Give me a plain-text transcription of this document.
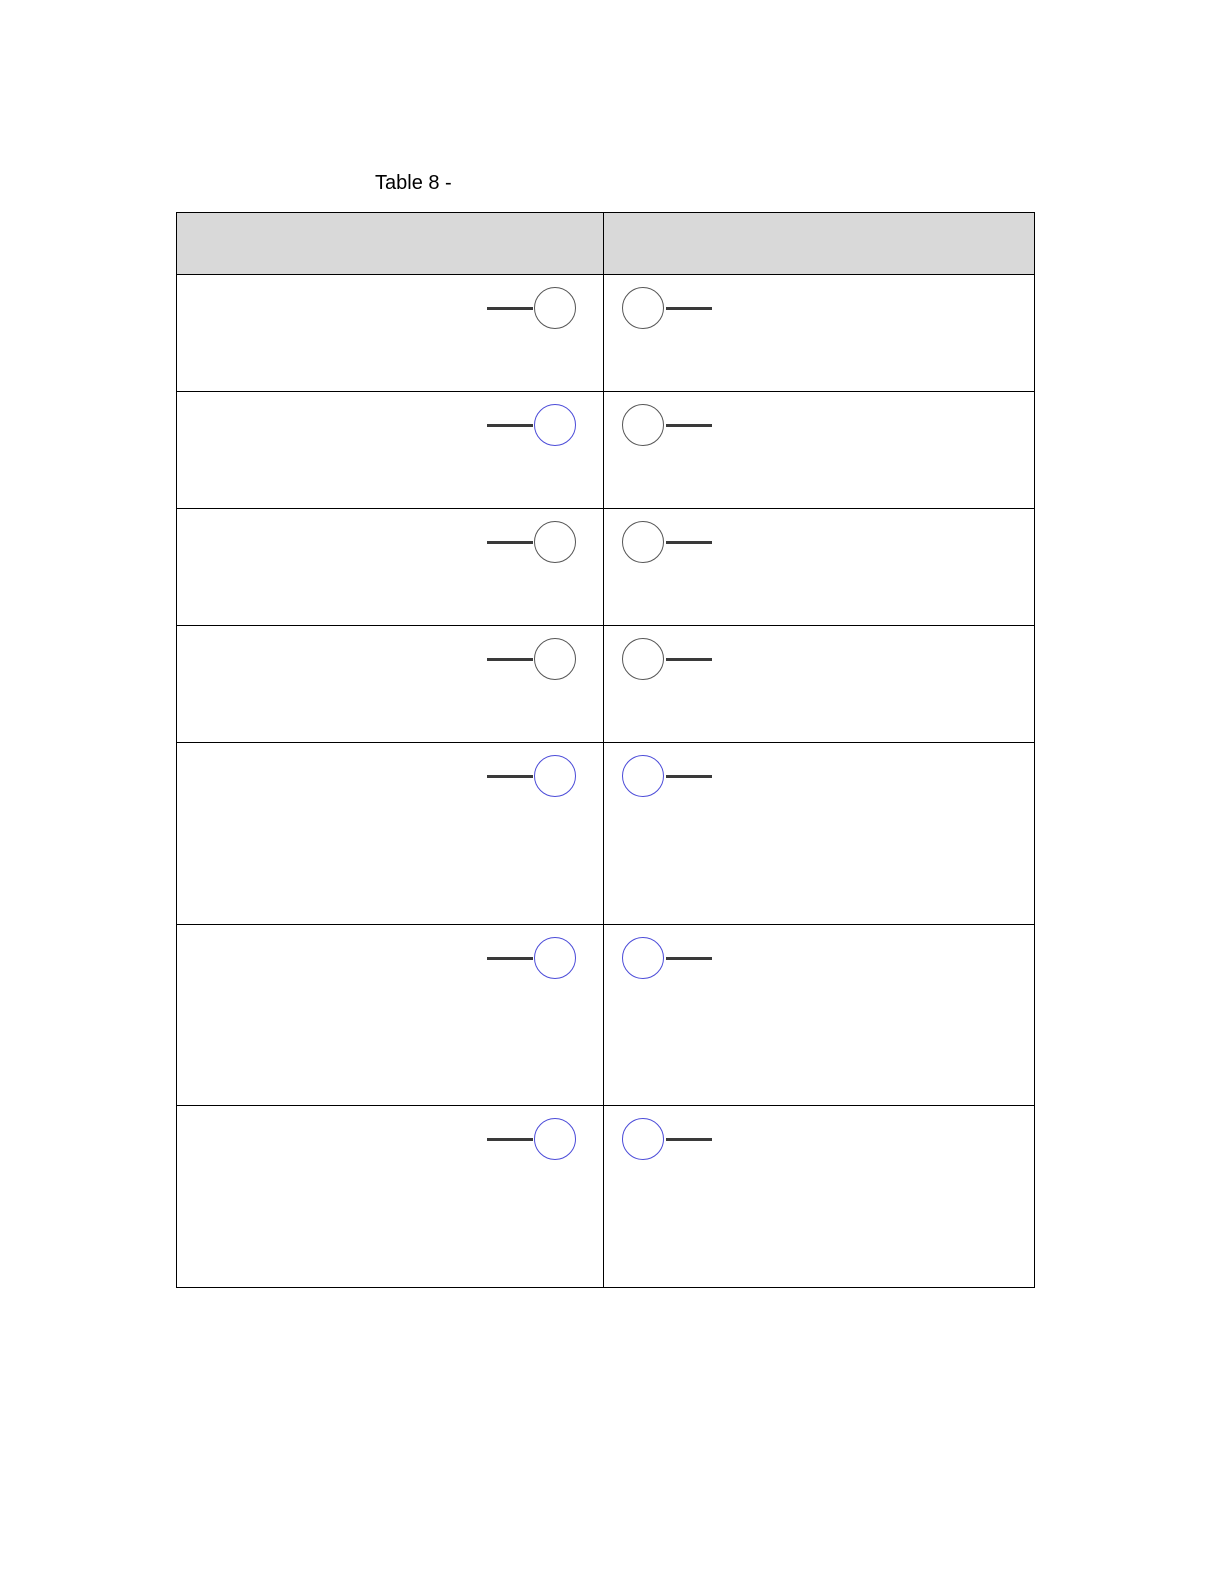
Table 8 -
